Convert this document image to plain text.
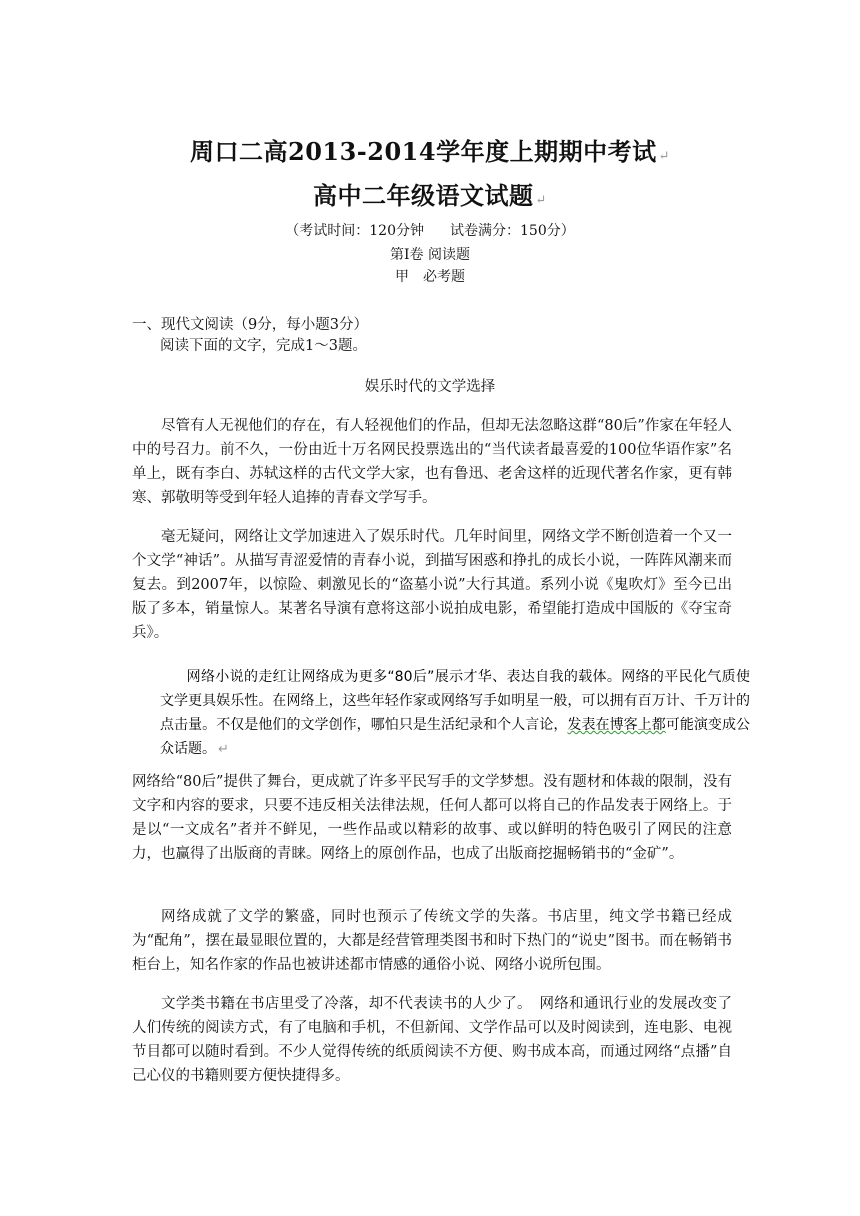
周口二高2013-2014学年度上期期中考试 ↵
高中二年级语文试题 ↵
（考试时间：120分钟 试卷满分：150分）
第Ⅰ卷 阅读题
甲　必考题
一、现代文阅读（9分，每小题3分）
阅读下面的文字，完成1～3题。
娱乐时代的文学选择

尽管有人无视他们的存在，有人轻视他们的作品，但却无法忽略这群“80后”作家在年轻人中的号召力。前不久，一份由近十万名网民投票选出的“当代读者最喜爱的100位华语作家”名单上，既有李白、苏轼这样的古代文学大家，也有鲁迅、老舍这样的近现代著名作家，更有韩寒、郭敬明等受到年轻人追捧的青春文学写手。

毫无疑问，网络让文学加速进入了娱乐时代。几年时间里，网络文学不断创造着一个又一个文学“神话”。从描写青涩爱情的青春小说，到描写困惑和挣扎的成长小说，一阵阵风潮来而复去。到2007年，以惊险、刺激见长的“盗墓小说”大行其道。系列小说《鬼吹灯》至今已出版了多本，销量惊人。某著名导演有意将这部小说拍成电影，希望能打造成中国版的《夺宝奇兵》。

网络小说的走红让网络成为更多“80后”展示才华、表达自我的载体。网络的平民化气质使文学更具娱乐性。在网络上，这些年轻作家或网络写手如明星一般，可以拥有百万计、千万计的点击量。不仅是他们的文学创作，哪怕只是生活纪录和个人言论，发表在博客上都可能演变成公众话题。 ↵

网络给“80后”提供了舞台，更成就了许多平民写手的文学梦想。没有题材和体裁的限制，没有文字和内容的要求，只要不违反相关法律法规，任何人都可以将自己的作品发表于网络上。于是以“一文成名”者并不鲜见，一些作品或以精彩的故事、或以鲜明的特色吸引了网民的注意力，也赢得了出版商的青睐。网络上的原创作品，也成了出版商挖掘畅销书的“金矿”。

网络成就了文学的繁盛，同时也预示了传统文学的失落。书店里，纯文学书籍已经成为“配角”，摆在最显眼位置的，大都是经营管理类图书和时下热门的“说史”图书。而在畅销书柜台上，知名作家的作品也被讲述都市情感的通俗小说、网络小说所包围。

文学类书籍在书店里受了冷落，却不代表读书的人少了。　网络和通讯行业的发展改变了人们传统的阅读方式，有了电脑和手机，不但新闻、文学作品可以及时阅读到，连电影、电视节目都可以随时看到。不少人觉得传统的纸质阅读不方便、购书成本高，而通过网络“点播”自己心仪的书籍则要方便快捷得多。
